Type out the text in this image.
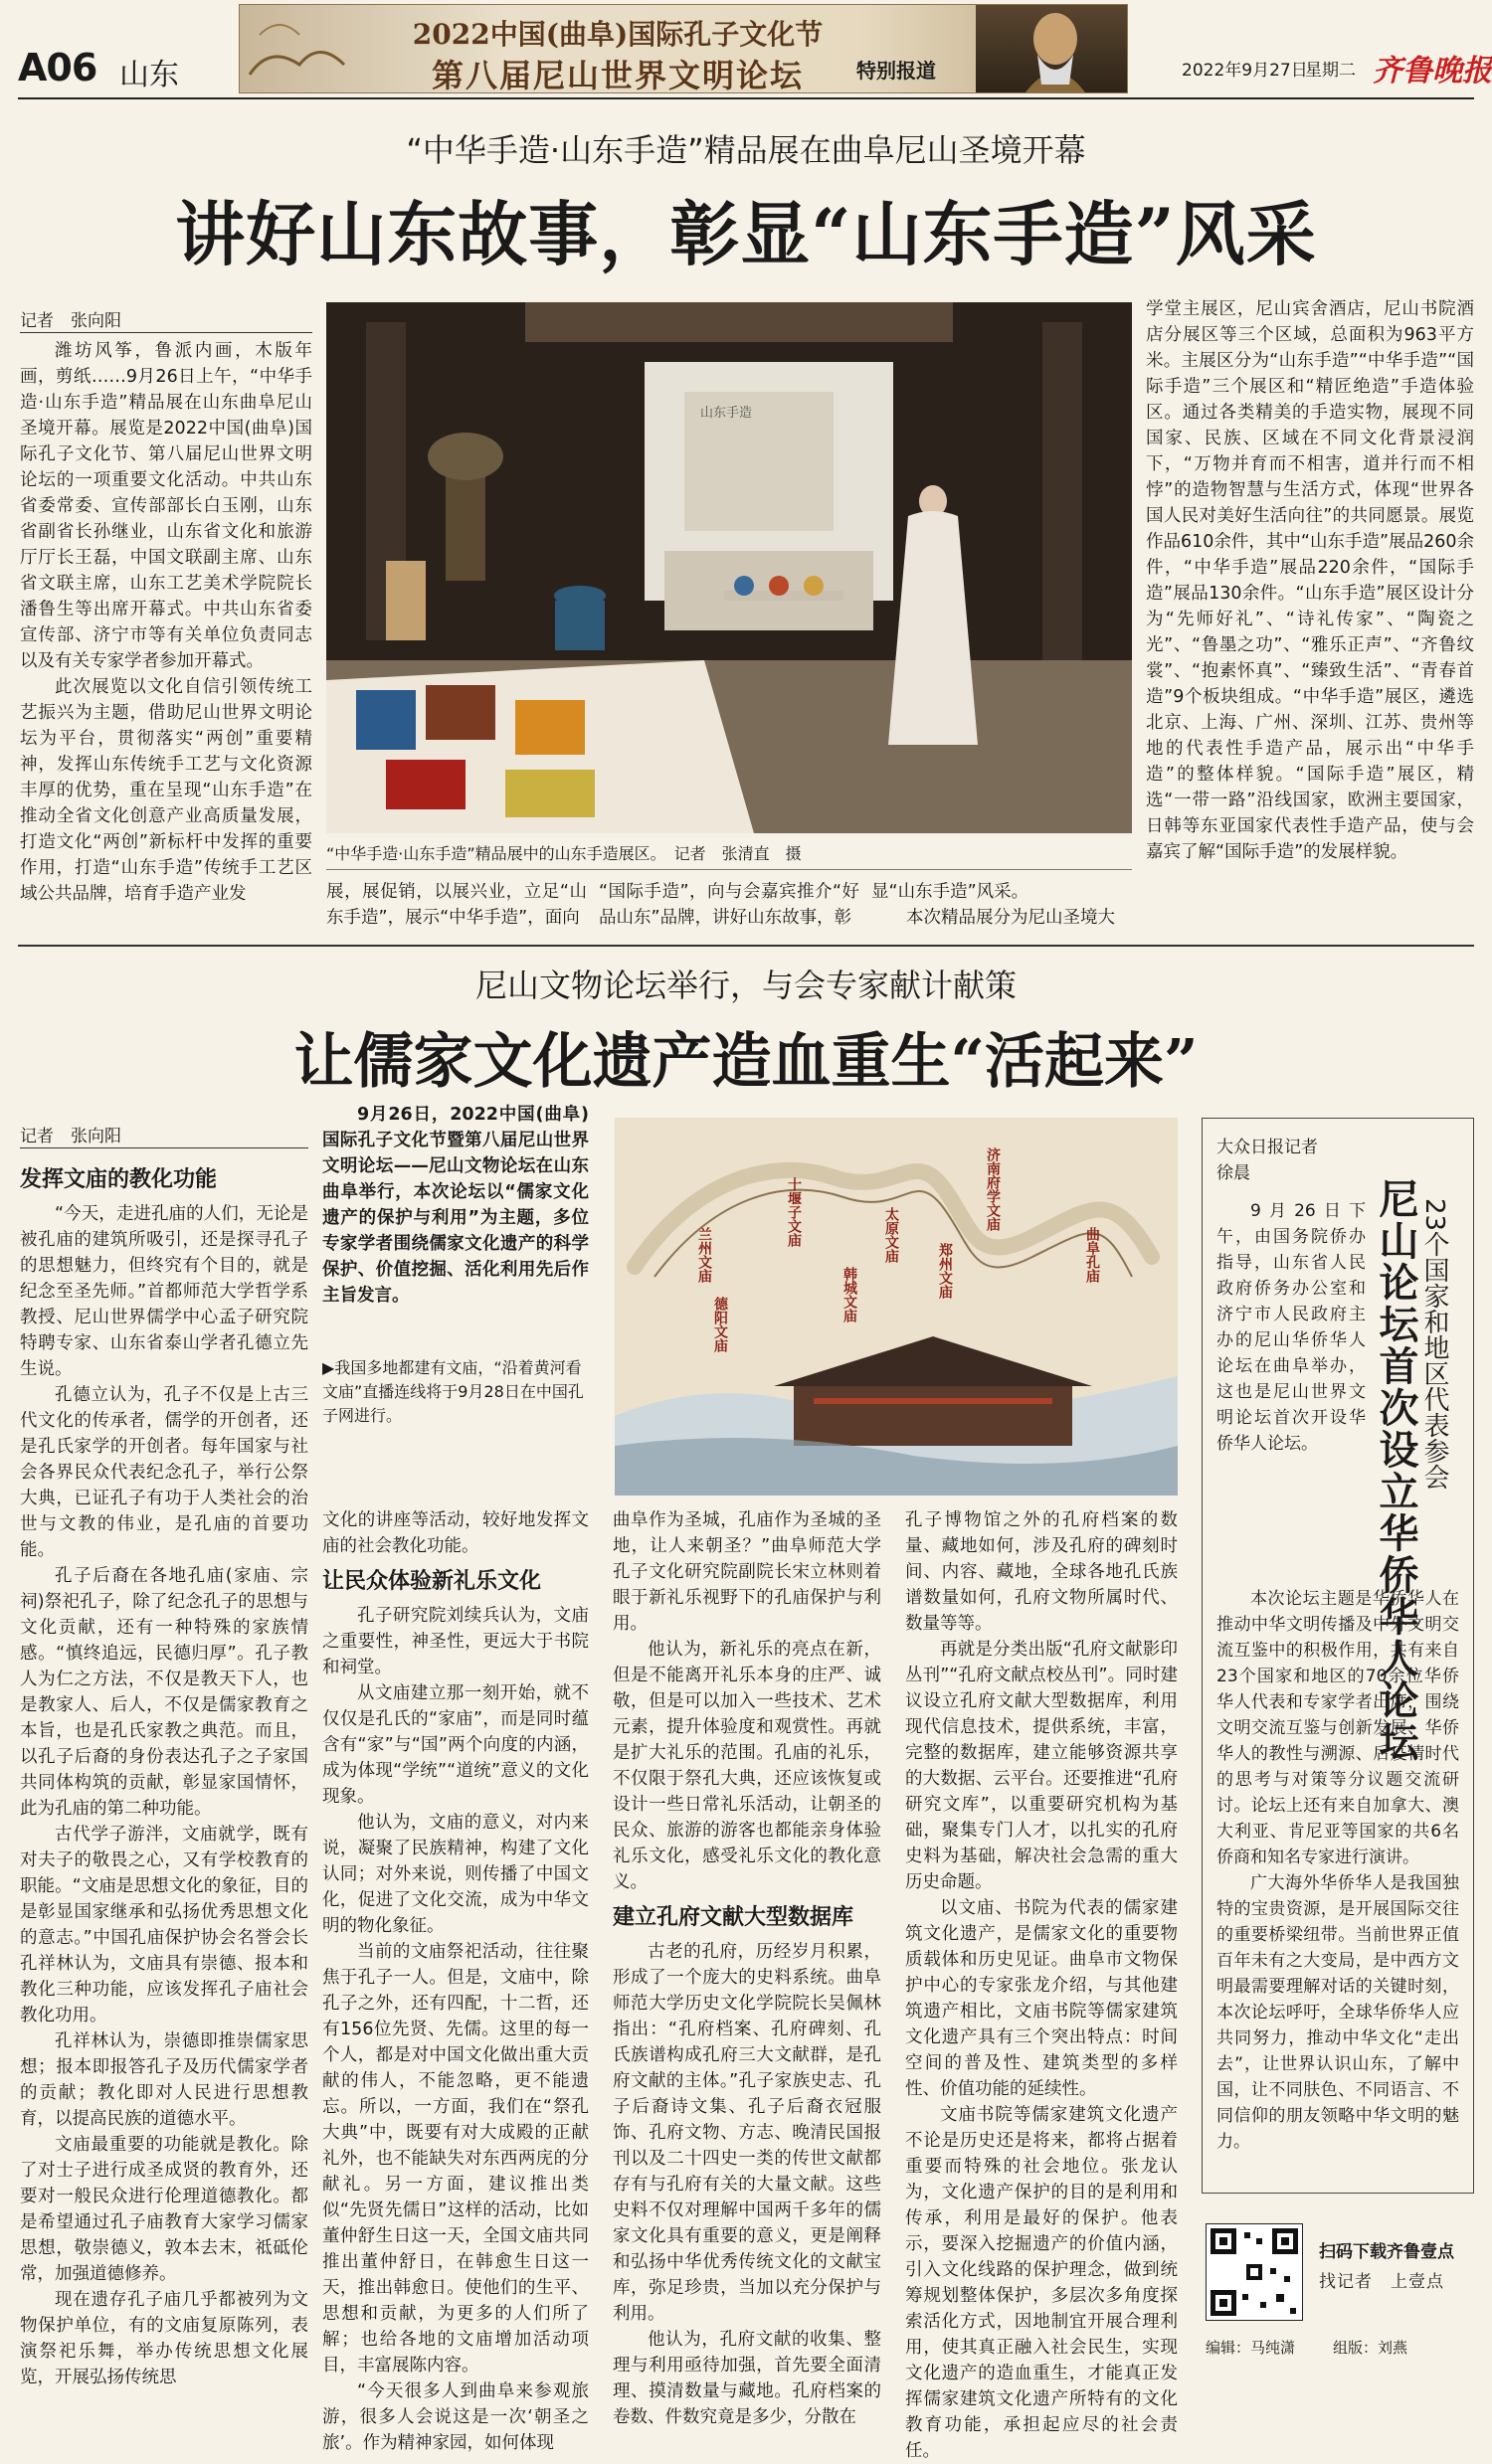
A06 山东
2022中国(曲阜)国际孔子文化节
第八届尼山世界文明论坛	特别报道	2022年9月27日
星期二 齐鲁晚报
“中华手造·山东手造”精品展在曲阜尼山圣境开幕
讲好山东故事，彰显“山东手造”风采
记者　张向阳

潍坊风筝，鲁派内画，木版年画，剪纸……9月26日上午，“中华手造·山东手造”精品展在山东曲阜尼山圣境开幕。展览是2022中国(曲阜)国际孔子文化节、第八届尼山世界文明论坛的一项重要文化活动。中共山东省委常委、宣传部部长白玉刚，山东省副省长孙继业，山东省文化和旅游厅厅长王磊，中国文联副主席、山东省文联主席，山东工艺美术学院院长潘鲁生等出席开幕式。中共山东省委宣传部、济宁市等有关单位负责同志以及有关专家学者参加开幕式。

此次展览以文化自信引领传统工艺振兴为主题，借助尼山世界文明论坛为平台，贯彻落实“两创”重要精神，发挥山东传统手工艺与文化资源丰厚的优势，重在呈现“山东手造”在推动全省文化创意产业高质量发展，打造文化“两创”新标杆中发挥的重要作用，打造“山东手造”传统手工艺区域公共品牌，培育手造产业发

山东手造
“中华手造·山东手造”精品展中的山东手造展区。　记者　张清直　摄

展，展促销，以展兴业，立足“山东手造”，展示“中华手造”，面向

“国际手造”，向与会嘉宾推介“好品山东”品牌，讲好山东故事，彰

显“山东手造”风采。

本次精品展分为尼山圣境大

学堂主展区，尼山宾舍酒店，尼山书院酒店分展区等三个区域，总面积为963平方米。主展区分为“山东手造”“中华手造”“国际手造”三个展区和“精匠绝造”手造体验区。通过各类精美的手造实物，展现不同国家、民族、区域在不同文化背景浸润下，“万物并育而不相害，道并行而不相悖”的造物智慧与生活方式，体现“世界各国人民对美好生活向往”的共同愿景。展览作品610余件，其中“山东手造”展品260余件，“中华手造”展品220余件，“国际手造”展品130余件。“山东手造”展区设计分为“先师好礼”、“诗礼传家”、“陶瓷之光”、“鲁墨之功”、“雅乐正声”、“齐鲁纹裳”、“抱素怀真”、“臻致生活”、“青春首造”9个板块组成。“中华手造”展区，遴选北京、上海、广州、深圳、江苏、贵州等地的代表性手造产品，展示出“中华手造”的整体样貌。“国际手造”展区，精选“一带一路”沿线国家，欧洲主要国家，日韩等东亚国家代表性手造产品，使与会嘉宾了解“国际手造”的发展样貌。

尼山文物论坛举行，与会专家献计献策
让儒家文化遗产造血重生“活起来”
记者　张向阳
发挥文庙的教化功能

“今天，走进孔庙的人们，无论是被孔庙的建筑所吸引，还是探寻孔子的思想魅力，但终究有个目的，就是纪念至圣先师。”首都师范大学哲学系教授、尼山世界儒学中心孟子研究院特聘专家、山东省泰山学者孔德立先生说。

孔德立认为，孔子不仅是上古三代文化的传承者，儒学的开创者，还是孔氏家学的开创者。每年国家与社会各界民众代表纪念孔子，举行公祭大典，已证孔子有功于人类社会的治世与文教的伟业，是孔庙的首要功能。

孔子后裔在各地孔庙(家庙、宗祠)祭祀孔子，除了纪念孔子的思想与文化贡献，还有一种特殊的家族情感。“慎终追远，民德归厚”。孔子教人为仁之方法，不仅是教天下人，也是教家人、后人，不仅是儒家教育之本旨，也是孔氏家教之典范。而且，以孔子后裔的身份表达孔子之子家国共同体构筑的贡献，彰显家国情怀，此为孔庙的第二种功能。

古代学子游泮，文庙就学，既有对夫子的敬畏之心，又有学校教育的职能。“文庙是思想文化的象征，目的是彰显国家继承和弘扬优秀思想文化的意志。”中国孔庙保护协会名誉会长孔祥林认为，文庙具有崇德、报本和教化三种功能，应该发挥孔子庙社会教化功用。

孔祥林认为，崇德即推崇儒家思想；报本即报答孔子及历代儒家学者的贡献；教化即对人民进行思想教育，以提高民族的道德水平。

文庙最重要的功能就是教化。除了对士子进行成圣成贤的教育外，还要对一般民众进行伦理道德教化。都是希望通过孔子庙教育大家学习儒家思想，敬崇德义，敦本去末，祗砥伦常，加强道德修养。

现在遗存孔子庙几乎都被列为文物保护单位，有的文庙复原陈列，表演祭祀乐舞，举办传统思想文化展览，开展弘扬传统思

9月26日，2022中国(曲阜)国际孔子文化节暨第八届尼山世界文明论坛——尼山文物论坛在山东曲阜举行，本次论坛以“儒家文化遗产的保护与利用”为主题，多位专家学者围绕儒家文化遗产的科学保护、价值挖掘、活化利用先后作主旨发言。
▶我国多地都建有文庙，“沿着黄河看文庙”直播连线将于9月28日在中国孔子网进行。
兰州文庙
十堰子文庙	太原文庙
济南府学文庙
郑州文庙
韩城文庙
德阳文庙
曲阜孔庙

文化的讲座等活动，较好地发挥文庙的社会教化功能。

让民众体验新礼乐文化

孔子研究院刘续兵认为，文庙之重要性，神圣性，更远大于书院和祠堂。

从文庙建立那一刻开始，就不仅仅是孔氏的“家庙”，而是同时蕴含有“家”与“国”两个向度的内涵，成为体现“学统”“道统”意义的文化现象。

他认为，文庙的意义，对内来说，凝聚了民族精神，构建了文化认同；对外来说，则传播了中国文化，促进了文化交流，成为中华文明的物化象征。

当前的文庙祭祀活动，往往聚焦于孔子一人。但是，文庙中，除孔子之外，还有四配，十二哲，还有156位先贤、先儒。这里的每一个人，都是对中国文化做出重大贡献的伟人，不能忽略，更不能遗忘。所以，一方面，我们在“祭孔大典”中，既要有对大成殿的正献礼外，也不能缺失对东西两庑的分献礼。另一方面，建议推出类似“先贤先儒日”这样的活动，比如董仲舒生日这一天，全国文庙共同推出董仲舒日，在韩愈生日这一天，推出韩愈日。使他们的生平、思想和贡献，为更多的人们所了解；也给各地的文庙增加活动项目，丰富展陈内容。

“今天很多人到曲阜来参观旅游，很多人会说这是一次‘朝圣之旅’。作为精神家园，如何体现

曲阜作为圣城，孔庙作为圣城的圣地，让人来朝圣？”曲阜师范大学孔子文化研究院副院长宋立林则着眼于新礼乐视野下的孔庙保护与利用。

他认为，新礼乐的亮点在新，但是不能离开礼乐本身的庄严、诚敬，但是可以加入一些技术、艺术元素，提升体验度和观赏性。再就是扩大礼乐的范围。孔庙的礼乐，不仅限于祭孔大典，还应该恢复或设计一些日常礼乐活动，让朝圣的民众、旅游的游客也都能亲身体验礼乐文化，感受礼乐文化的教化意义。

建立孔府文献大型数据库

古老的孔府，历经岁月积累，形成了一个庞大的史料系统。曲阜师范大学历史文化学院院长吴佩林指出：“孔府档案、孔府碑刻、孔氏族谱构成孔府三大文献群，是孔府文献的主体。”孔子家族史志、孔子后裔诗文集、孔子后裔衣冠服饰、孔府文物、方志、晚清民国报刊以及二十四史一类的传世文献都存有与孔府有关的大量文献。这些史料不仅对理解中国两千多年的儒家文化具有重要的意义，更是阐释和弘扬中华优秀传统文化的文献宝库，弥足珍贵，当加以充分保护与利用。

他认为，孔府文献的收集、整理与利用亟待加强，首先要全面清理、摸清数量与藏地。孔府档案的卷数、件数究竟是多少，分散在

孔子博物馆之外的孔府档案的数量、藏地如何，涉及孔府的碑刻时间、内容、藏地，全球各地孔氏族谱数量如何，孔府文物所属时代、数量等等。

再就是分类出版“孔府文献影印丛刊”“孔府文献点校丛刊”。同时建议设立孔府文献大型数据库，利用现代信息技术，提供系统，丰富，完整的数据库，建立能够资源共享的大数据、云平台。还要推进“孔府研究文库”，以重要研究机构为基础，聚集专门人才，以扎实的孔府史料为基础，解决社会急需的重大历史命题。

以文庙、书院为代表的儒家建筑文化遗产，是儒家文化的重要物质载体和历史见证。曲阜市文物保护中心的专家张龙介绍，与其他建筑遗产相比，文庙书院等儒家建筑文化遗产具有三个突出特点：时间空间的普及性、建筑类型的多样性、价值功能的延续性。

文庙书院等儒家建筑文化遗产不论是历史还是将来，都将占据着重要而特殊的社会地位。张龙认为，文化遗产保护的目的是利用和传承，利用是最好的保护。他表示，要深入挖掘遗产的价值内涵，引入文化线路的保护理念，做到统筹规划整体保护，多层次多角度探索活化方式，因地制宜开展合理利用，使其真正融入社会民生，实现文化遗产的造血重生，才能真正发挥儒家建筑文化遗产所特有的文化教育功能，承担起应尽的社会责任。

大众日报记者
徐晨
尼山论坛首次设立华侨华人论坛 23个国家和地区代表参会

9月26日下午，由国务院侨办指导，山东省人民政府侨务办公室和济宁市人民政府主办的尼山华侨华人论坛在曲阜举办，这也是尼山世界文明论坛首次开设华侨华人论坛。

本次论坛主题是华侨华人在推动中华文明传播及中外文明交流互鉴中的积极作用，共有来自23个国家和地区的70余位华侨华人代表和专家学者出席，围绕文明交流互鉴与创新发展、华侨华人的教性与溯源、后疫情时代的思考与对策等分议题交流研讨。论坛上还有来自加拿大、澳大利亚、肯尼亚等国家的共6名侨商和知名专家进行演讲。

广大海外华侨华人是我国独特的宝贵资源，是开展国际交往的重要桥梁纽带。当前世界正值百年未有之大变局，是中西方文明最需要理解对话的关键时刻，本次论坛呼吁，全球华侨华人应共同努力，推动中华文化“走出去”，让世界认识山东，了解中国，让不同肤色、不同语言、不同信仰的朋友领略中华文明的魅力。

扫码下载齐鲁壹点
找记者　上壹点
编辑：马纯潇	组版：刘燕
